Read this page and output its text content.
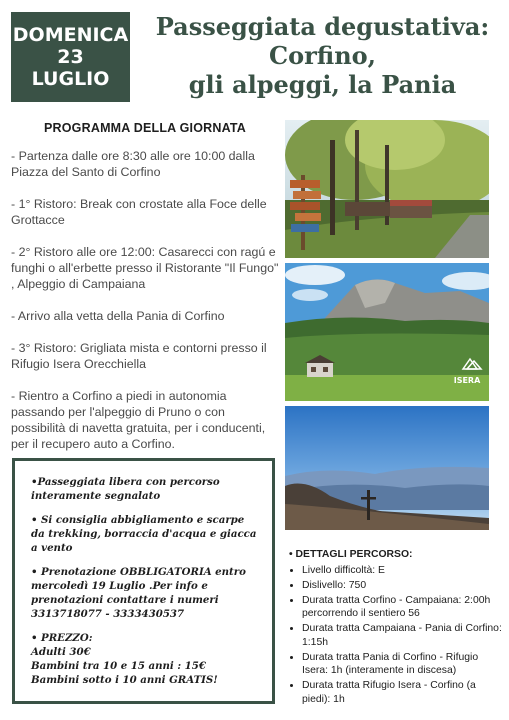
DOMENICA
23
LUGLIO
Passeggiata degustativa:
Corfino,
gli alpeggi, la Pania
PROGRAMMA DELLA GIORNATA
- Partenza dalle ore 8:30 alle ore 10:00 dalla Piazza del Santo di Corfino
- 1° Ristoro: Break con crostate alla Foce delle Grottacce
- 2° Ristoro alle ore 12:00: Casarecci con ragú e funghi o all'erbette presso il Ristorante "Il Fungo" , Alpeggio di Campaiana
- Arrivo alla vetta della Pania di Corfino
- 3° Ristoro: Grigliata mista e contorni presso il Rifugio Isera Orecchiella
- Rientro a Corfino a piedi in autonomia passando per l'alpeggio di Pruno o con possibilità di navetta gratuita, per i conducenti, per il recupero auto a Corfino.

•Passeggiata libera con percorso interamente segnalato

• Si consiglia abbigliamento e scarpe da trekking, borraccia d'acqua e giacca a vento

• Prenotazione OBBLIGATORIA entro mercoledì 19 Luglio .Per info e prenotazioni contattare i numeri 3313718077 - 3333430537

• PREZZO:
Adulti 30€
Bambini tra 10 e 15 anni : 15€
Bambini sotto i 10 anni GRATIS!
ISERA
• DETTAGLI PERCORSO:
• Livello difficoltà: E
• Dislivello: 750
• Durata tratta Corfino - Campaiana: 2:00h percorrendo il sentiero 56
• Durata tratta Campaiana - Pania di Corfino: 1:15h
• Durata tratta Pania di Corfino - Rifugio Isera: 1h (interamente in discesa)
• Durata tratta Rifugio Isera - Corfino (a piedi): 1h
